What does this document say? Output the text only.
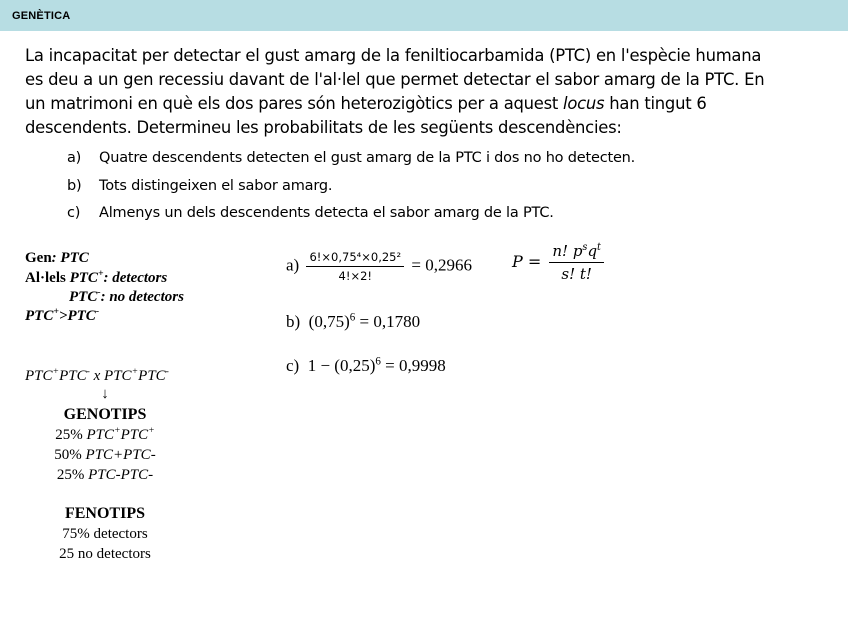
GENÈTICA
La incapacitat per detectar el gust amarg de la feniltiocarbamida (PTC) en l'espècie humana
es deu a un gen recessiu davant de l'al·lel que permet detectar el sabor amarg de la PTC. En
un matrimoni en què els dos pares són heterozigòtics per a aquest locus han tingut 6
descendents. Determineu les probabilitats de les següents descendències:
a) Quatre descendents detecten el gust amarg de la PTC i dos no ho detecten.
b) Tots distingeixen el sabor amarg.
c) Almenys un dels descendents detecta el sabor amarg de la PTC.
Gen: PTC
Al·lels PTC+: detectors
PTC-: no detectors
PTC+>PTC-
PTC+PTC- x PTC+PTC-
↓
GENOTIPS
25% PTC+PTC+
50% PTC+PTC-
25% PTC-PTC-
FENOTIPS
75% detectors
25 no detectors
$a) \frac{\text{6!×0,75⁴×0,25²}}{4!\times 2!} = 0,2966$
b) $(0,75)^6 = 0,1780$
c) $1 - (0,25)^6 = 0,9998$
$P = \frac{n! p^sq^t}{s! t!}$
